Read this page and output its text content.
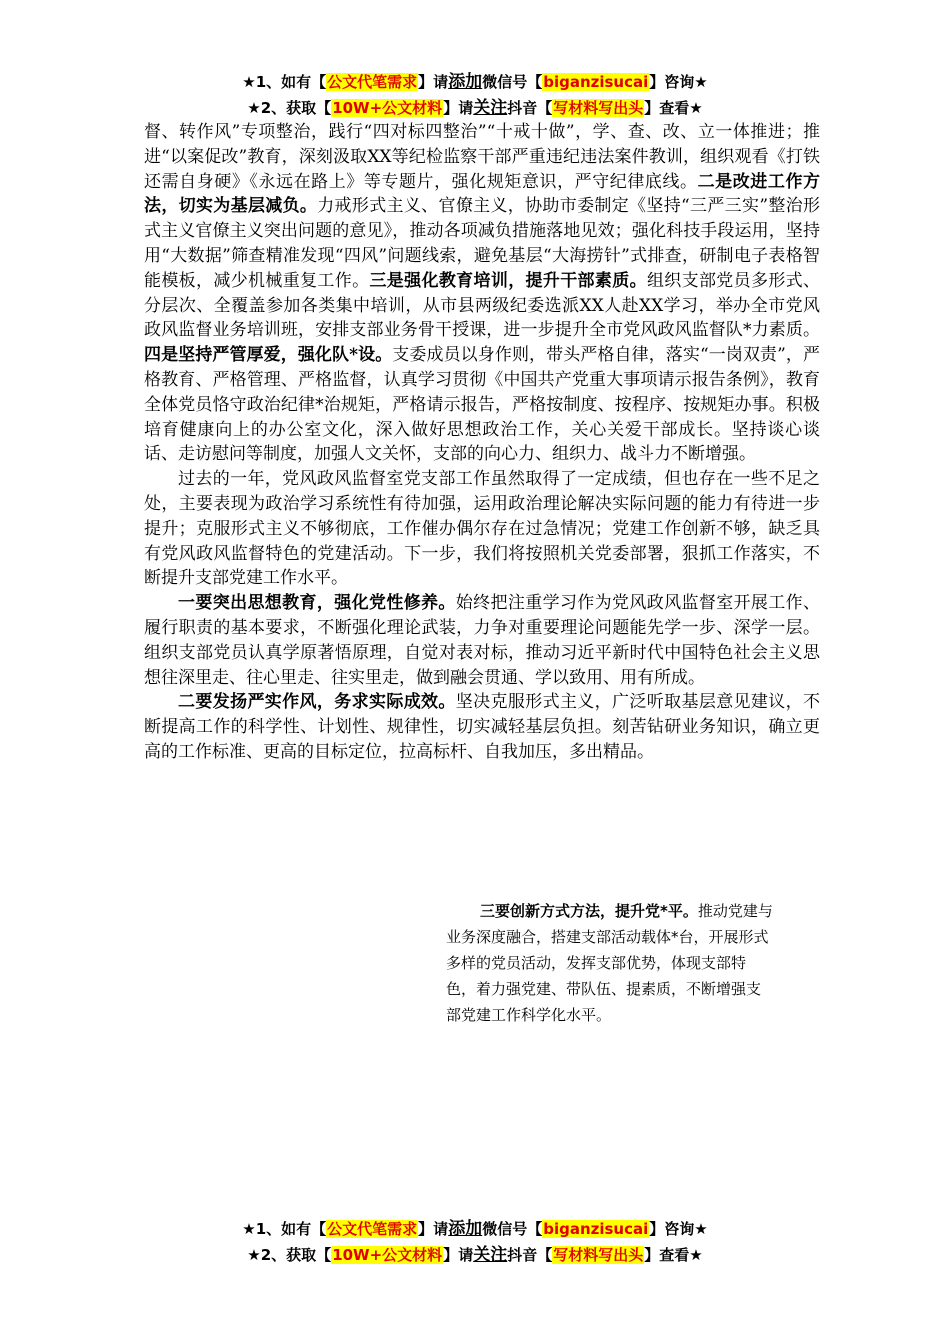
★1、如有【公文代笔需求】请添加微信号【biganzisucai】咨询★
★2、获取【10W+公文材料】请关注抖音【写材料写出头】查看★

督、转作风”专项整治，践行“四对标四整治”“十戒十做”，学、查、改、立一体推进；推进“以案促改”教育，深刻汲取XX等纪检监察干部严重违纪违法案件教训，组织观看《打铁还需自身硬》《永远在路上》等专题片，强化规矩意识，严守纪律底线。二是改进工作方法，切实为基层减负。力戒形式主义、官僚主义，协助市委制定《坚持“三严三实”整治形式主义官僚主义突出问题的意见》，推动各项减负措施落地见效；强化科技手段运用，坚持用“大数据”筛查精准发现“四风”问题线索，避免基层“大海捞针”式排查，研制电子表格智能模板，减少机械重复工作。三是强化教育培训，提升干部素质。组织支部党员多形式、分层次、全覆盖参加各类集中培训，从市县两级纪委选派XX人赴XX学习，举办全市党风政风监督业务培训班，安排支部业务骨干授课，进一步提升全市党风政风监督队*力素质。四是坚持严管厚爱，强化队*设。支委成员以身作则，带头严格自律，落实“一岗双责”，严格教育、严格管理、严格监督，认真学习贯彻《中国共产党重大事项请示报告条例》，教育全体党员恪守政治纪律*治规矩，严格请示报告，严格按制度、按程序、按规矩办事。积极培育健康向上的办公室文化，深入做好思想政治工作，关心关爱干部成长。坚持谈心谈话、走访慰问等制度，加强人文关怀，支部的向心力、组织力、战斗力不断增强。

过去的一年，党风政风监督室党支部工作虽然取得了一定成绩，但也存在一些不足之处，主要表现为政治学习系统性有待加强，运用政治理论解决实际问题的能力有待进一步提升；克服形式主义不够彻底，工作催办偶尔存在过急情况；党建工作创新不够，缺乏具有党风政风监督特色的党建活动。下一步，我们将按照机关党委部署，狠抓工作落实，不断提升支部党建工作水平。

一要突出思想教育，强化党性修养。始终把注重学习作为党风政风监督室开展工作、履行职责的基本要求，不断强化理论武装，力争对重要理论问题能先学一步、深学一层。组织支部党员认真学原著悟原理，自觉对表对标，推动习近平新时代中国特色社会主义思想往深里走、往心里走、往实里走，做到融会贯通、学以致用、用有所成。

二要发扬严实作风，务求实际成效。坚决克服形式主义，广泛听取基层意见建议，不断提高工作的科学性、计划性、规律性，切实减轻基层负担。刻苦钻研业务知识，确立更高的工作标准、更高的目标定位，拉高标杆、自我加压，多出精品。

三要创新方式方法，提升党*平。推动党建与

业务深度融合，搭建支部活动载体*台，开展形式

多样的党员活动，发挥支部优势，体现支部特

色，着力强党建、带队伍、提素质，不断增强支

部党建工作科学化水平。

★1、如有【公文代笔需求】请添加微信号【biganzisucai】咨询★
★2、获取【10W+公文材料】请关注抖音【写材料写出头】查看★
